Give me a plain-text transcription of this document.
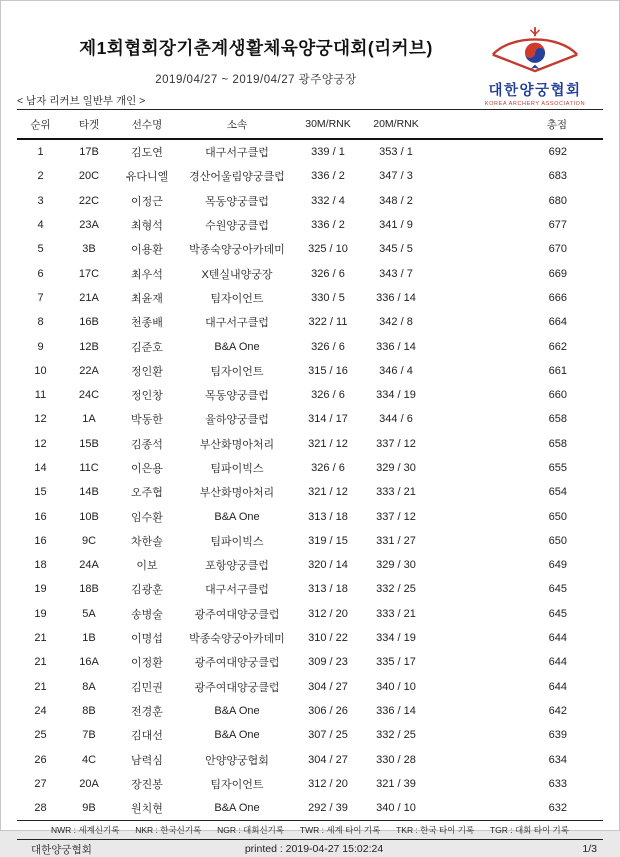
제1회협회장기춘계생활체육양궁대회(리커브)
2019/04/27 ~ 2019/04/27 광주양궁장
대한양궁협회
KOREA ARCHERY ASSOCIATION
< 남자 리커브 일반부 개인 >
순위	타겟	선수명	소속	30M/RNK	20M/RNK	총점
1	17B	김도연	대구서구클럽	339 / 1	353 / 1	692
2	20C	유다니엘	경산어울림양궁클럽	336 / 2	347 / 3	683
3	22C	이정근	목동양궁클럽	332 / 4	348 / 2	680
4	23A	최형석	수원양궁클럽	336 / 2	341 / 9	677
5	3B	이용환	박종숙양궁아카데미	325 / 10	345 / 5	670
6	17C	최우석	X텐실내양궁장	326 / 6	343 / 7	669
7	21A	최윤재	팀자이언트	330 / 5	336 / 14	666
8	16B	천종배	대구서구클럽	322 / 11	342 / 8	664
9	12B	김준호	B&A One	326 / 6	336 / 14	662
10	22A	정인환	팀자이언트	315 / 16	346 / 4	661
11	24C	정인창	목동양궁클럽	326 / 6	334 / 19	660
12	1A	박동한	율하양궁클럽	314 / 17	344 / 6	658
12	15B	김종석	부산화명아처리	321 / 12	337 / 12	658
14	11C	이은용	팀파이빅스	326 / 6	329 / 30	655
15	14B	오주협	부산화명아처리	321 / 12	333 / 21	654
16	10B	임수환	B&A One	313 / 18	337 / 12	650
16	9C	차한솔	팀파이빅스	319 / 15	331 / 27	650
18	24A	이보	포항양궁클럽	320 / 14	329 / 30	649
19	18B	김광훈	대구서구클럽	313 / 18	332 / 25	645
19	5A	송병술	광주여대양궁클럽	312 / 20	333 / 21	645
21	1B	이명섭	박종숙양궁아카데미	310 / 22	334 / 19	644
21	16A	이정환	광주여대양궁클럽	309 / 23	335 / 17	644
21	8A	김민권	광주여대양궁클럽	304 / 27	340 / 10	644
24	8B	전경훈	B&A One	306 / 26	336 / 14	642
25	7B	김대선	B&A One	307 / 25	332 / 25	639
26	4C	남력심	안양양궁협회	304 / 27	330 / 28	634
27	20A	장진봉	팀자이언트	312 / 20	321 / 39	633
28	9B	원치현	B&A One	292 / 39	340 / 10	632
NWR : 세계신기록 NKR : 한국신기록 NGR : 대회신기록 TWR : 세계 타이 기록 TKR : 한국 타이 기록 TGR : 대회 타이 기록
대한양궁협회	printed : 2019-04-27 15:02:24	1/3
